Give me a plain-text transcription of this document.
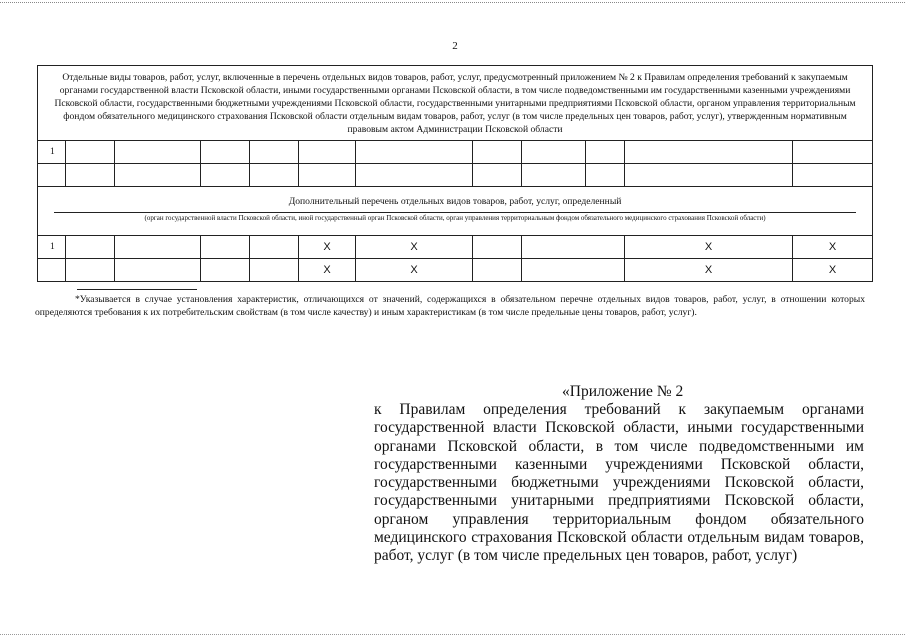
2
Отдельные виды товаров, работ, услуг, включенные в перечень отдельных видов товаров, работ, услуг, предусмотренный приложением № 2 к Правилам определения требований к закупаемым органами государственной власти Псковской области, иными государственными органами Псковской области, в том числе подведомственными им государственными казенными учреждениями Псковской области, государственными бюджетными учреждениями Псковской области, государственными унитарными предприятиями Псковской области, органом управления территориальным фондом обязательного медицинского страхования Псковской области отдельным видам товаров, работ, услуг (в том числе предельных цен товаров, работ, услуг), утвержденным нормативным правовым актом Администрации Псковской области											
1											

Дополнительный перечень отдельных видов товаров, работ, услуг, определенный
(орган государственной власти Псковской области, иной государственный орган Псковской области, орган управления территориальным фондом обязательного медицинского страхования Псковской области)											

1					X	X				X	X
					X	X				X	X
*Указывается в случае установления характеристик, отличающихся от значений, содержащихся в обязательном перечне отдельных видов товаров, работ, услуг, в отношении которых определяются требования к их потребительским свойствам (в том числе качеству) и иным характеристикам (в том числе предельные цены товаров, работ, услуг).
«Приложение № 2
к Правилам определения требований к закупаемым органами государственной власти Псковской области, иными государственными органами Псковской области, в том числе подведомственными им государственными казенными учреждениями Псковской области, государственными бюджетными учреждениями Псковской области, государственными унитарными предприятиями Псковской области, органом управления территориальным фондом обязательного медицинского страхования Псковской области отдельным видам товаров, работ, услуг (в том числе предельных цен товаров, работ, услуг)
